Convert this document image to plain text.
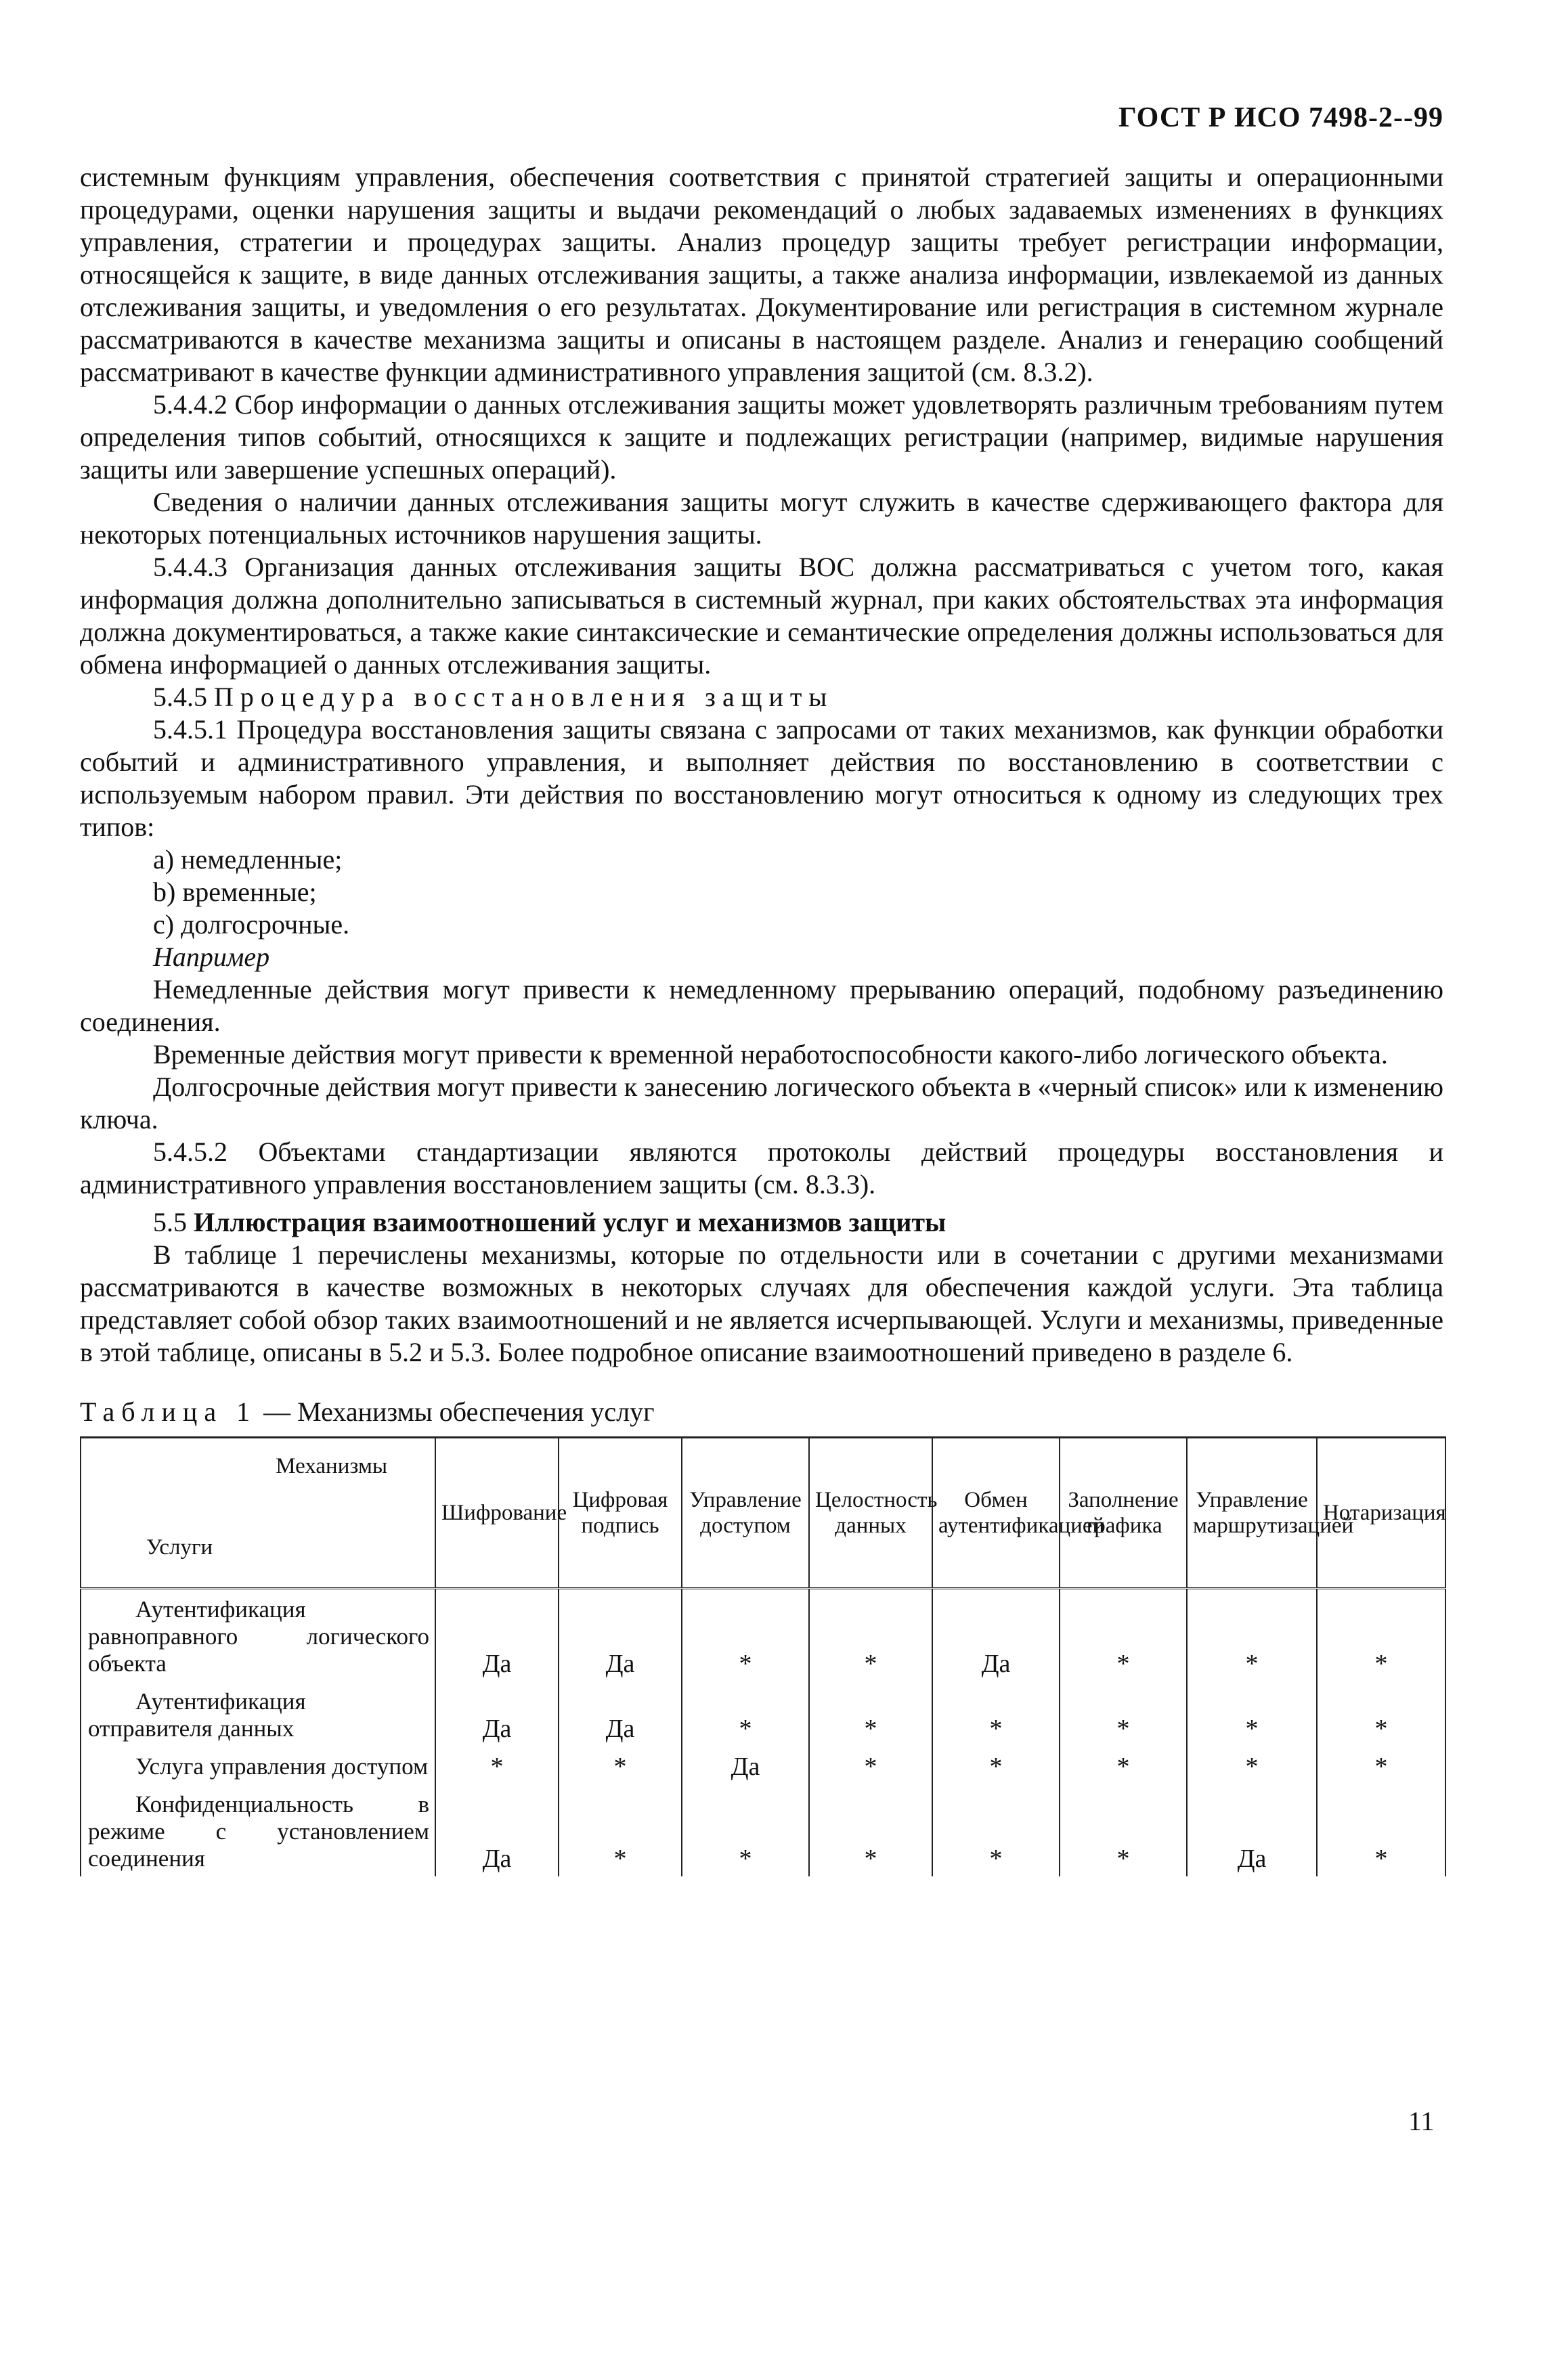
ГОСТ Р ИСО 7498-2--99

системным функциям управления, обеспечения соответствия с принятой стратегией защиты и операционными процедурами, оценки нарушения защиты и выдачи рекомендаций о любых задаваемых изменениях в функциях управления, стратегии и процедурах защиты. Анализ процедур защиты требует регистрации информации, относящейся к защите, в виде данных отслеживания защиты, а также анализа информации, извлекаемой из данных отслеживания защиты, и уведомления о его результатах. Документирование или регистрация в системном журнале рассматриваются в качестве механизма защиты и описаны в настоящем разделе. Анализ и генерацию сообщений рассматривают в качестве функции административного управления защитой (см. 8.3.2).

5.4.4.2 Сбор информации о данных отслеживания защиты может удовлетворять различным требованиям путем определения типов событий, относящихся к защите и подлежащих регистрации (например, видимые нарушения защиты или завершение успешных операций).

Сведения о наличии данных отслеживания защиты могут служить в качестве сдерживающего фактора для некоторых потенциальных источников нарушения защиты.

5.4.4.3 Организация данных отслеживания защиты ВОС должна рассматриваться с учетом того, какая информация должна дополнительно записываться в системный журнал, при каких обстоятельствах эта информация должна документироваться, а также какие синтаксические и семантические определения должны использоваться для обмена информацией о данных отслеживания защиты.

5.4.5 Процедура восстановления защиты

5.4.5.1 Процедура восстановления защиты связана с запросами от таких механизмов, как функции обработки событий и административного управления, и выполняет действия по восстановлению в соответствии с используемым набором правил. Эти действия по восстановлению могут относиться к одному из следующих трех типов:

a) немедленные;

b) временные;

c) долгосрочные.

Например

Немедленные действия могут привести к немедленному прерыванию операций, подобному разъединению соединения.

Временные действия могут привести к временной неработоспособности какого-либо логического объекта.

Долгосрочные действия могут привести к занесению логического объекта в «черный список» или к изменению ключа.

5.4.5.2 Объектами стандартизации являются протоколы действий процедуры восстановления и административного управления восстановлением защиты (см. 8.3.3).

5.5 Иллюстрация взаимоотношений услуг и механизмов защиты

В таблице 1 перечислены механизмы, которые по отдельности или в сочетании с другими механизмами рассматриваются в качестве возможных в некоторых случаях для обеспечения каждой услуги. Эта таблица представляет собой обзор таких взаимоотношений и не является исчерпывающей. Услуги и механизмы, приведенные в этой таблице, описаны в 5.2 и 5.3. Более подробное описание взаимоотношений приведено в разделе 6.

Таблица 1 — Механизмы обеспечения услуг

Механизмы
Услуги	Шифрование	Цифровая подпись	Управление доступом	Целостность данных	Обмен аутентификацией	Заполнение трафика	Управление маршрутизацией	Нотаризация

Аутентификация равноправного логического объекта	Да	Да	*	*	Да	*	*	*

Аутентификация отправителя данных	Да	Да	*	*	*	*	*	*

Услуга управления доступом	*	*	Да	*	*	*	*	*

Конфиденциальность в режиме с установлением соединения	Да	*	*	*	*	*	Да	*
11
